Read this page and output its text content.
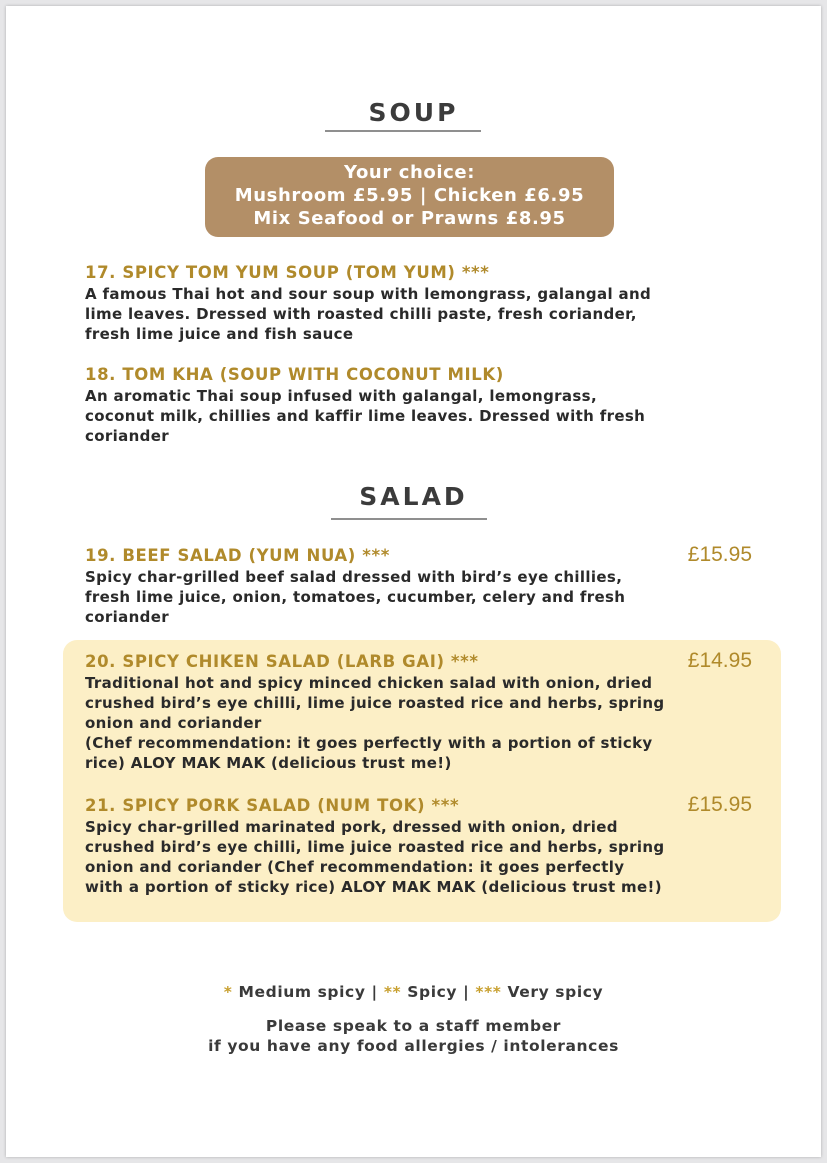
SOUP
Your choice:
Mushroom £5.95 | Chicken £6.95
Mix Seafood or Prawns £8.95
17. SPICY TOM YUM SOUP (TOM YUM) ***
A famous Thai hot and sour soup with lemongrass, galangal and
lime leaves. Dressed with roasted chilli paste, fresh coriander,
fresh lime juice and fish sauce
18. TOM KHA (SOUP WITH COCONUT MILK)
An aromatic Thai soup infused with galangal, lemongrass,
coconut milk, chillies and kaffir lime leaves. Dressed with fresh
coriander
SALAD
19. BEEF SALAD (YUM NUA) ***	£15.95
Spicy char-grilled beef salad dressed with bird’s eye chillies,
fresh lime juice, onion, tomatoes, cucumber, celery and fresh
coriander
20. SPICY CHIKEN SALAD (LARB GAI) ***	£14.95
Traditional hot and spicy minced chicken salad with onion, dried
crushed bird’s eye chilli, lime juice roasted rice and herbs, spring
onion and coriander
(Chef recommendation: it goes perfectly with a portion of sticky
rice) ALOY MAK MAK (delicious trust me!)
21. SPICY PORK SALAD (NUM TOK) ***	£15.95
Spicy char-grilled marinated pork, dressed with onion, dried
crushed bird’s eye chilli, lime juice roasted rice and herbs, spring
onion and coriander (Chef recommendation: it goes perfectly
with a portion of sticky rice) ALOY MAK MAK (delicious trust me!)
* Medium spicy | ** Spicy | *** Very spicy
Please speak to a staff member
if you have any food allergies / intolerances
